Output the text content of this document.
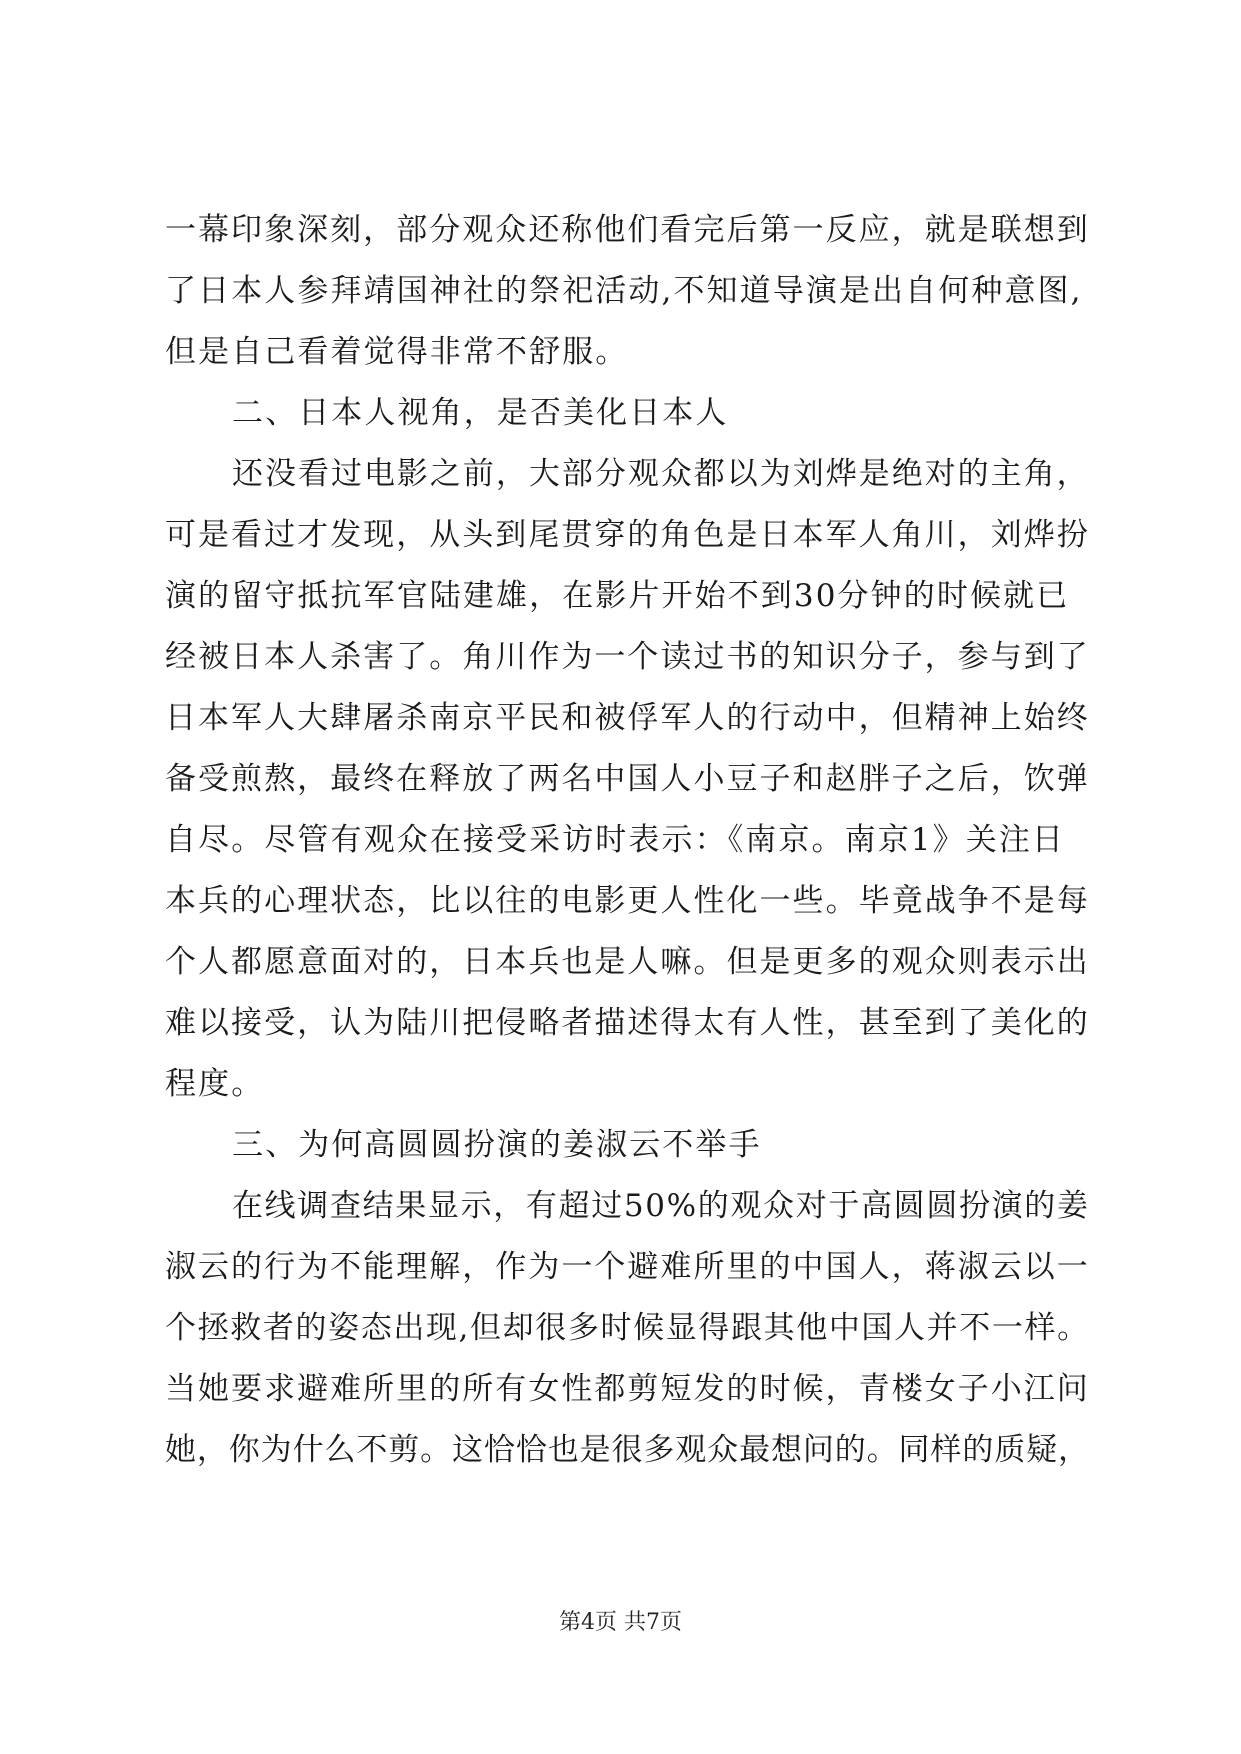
一幕印象深刻，部分观众还称他们看完后第一反应，就是联想到
了日本人参拜靖国神社的祭祀活动,不知道导演是出自何种意图,
但是自己看着觉得非常不舒服。
二、日本人视角，是否美化日本人
还没看过电影之前，大部分观众都以为刘烨是绝对的主角，
可是看过才发现，从头到尾贯穿的角色是日本军人角川，刘烨扮
演的留守抵抗军官陆建雄，在影片开始不到30分钟的时候就已
经被日本人杀害了。角川作为一个读过书的知识分子，参与到了
日本军人大肆屠杀南京平民和被俘军人的行动中，但精神上始终
备受煎熬，最终在释放了两名中国人小豆子和赵胖子之后，饮弹
自尽。尽管有观众在接受采访时表示：《南京。南京1》关注日
本兵的心理状态，比以往的电影更人性化一些。毕竟战争不是每
个人都愿意面对的，日本兵也是人嘛。但是更多的观众则表示出
难以接受，认为陆川把侵略者描述得太有人性，甚至到了美化的
程度。
三、为何高圆圆扮演的姜淑云不举手
在线调查结果显示，有超过50%的观众对于高圆圆扮演的姜
淑云的行为不能理解，作为一个避难所里的中国人，蒋淑云以一
个拯救者的姿态出现,但却很多时候显得跟其他中国人并不一样。
当她要求避难所里的所有女性都剪短发的时候，青楼女子小江问
她，你为什么不剪。这恰恰也是很多观众最想问的。同样的质疑，
第4页 共7页
